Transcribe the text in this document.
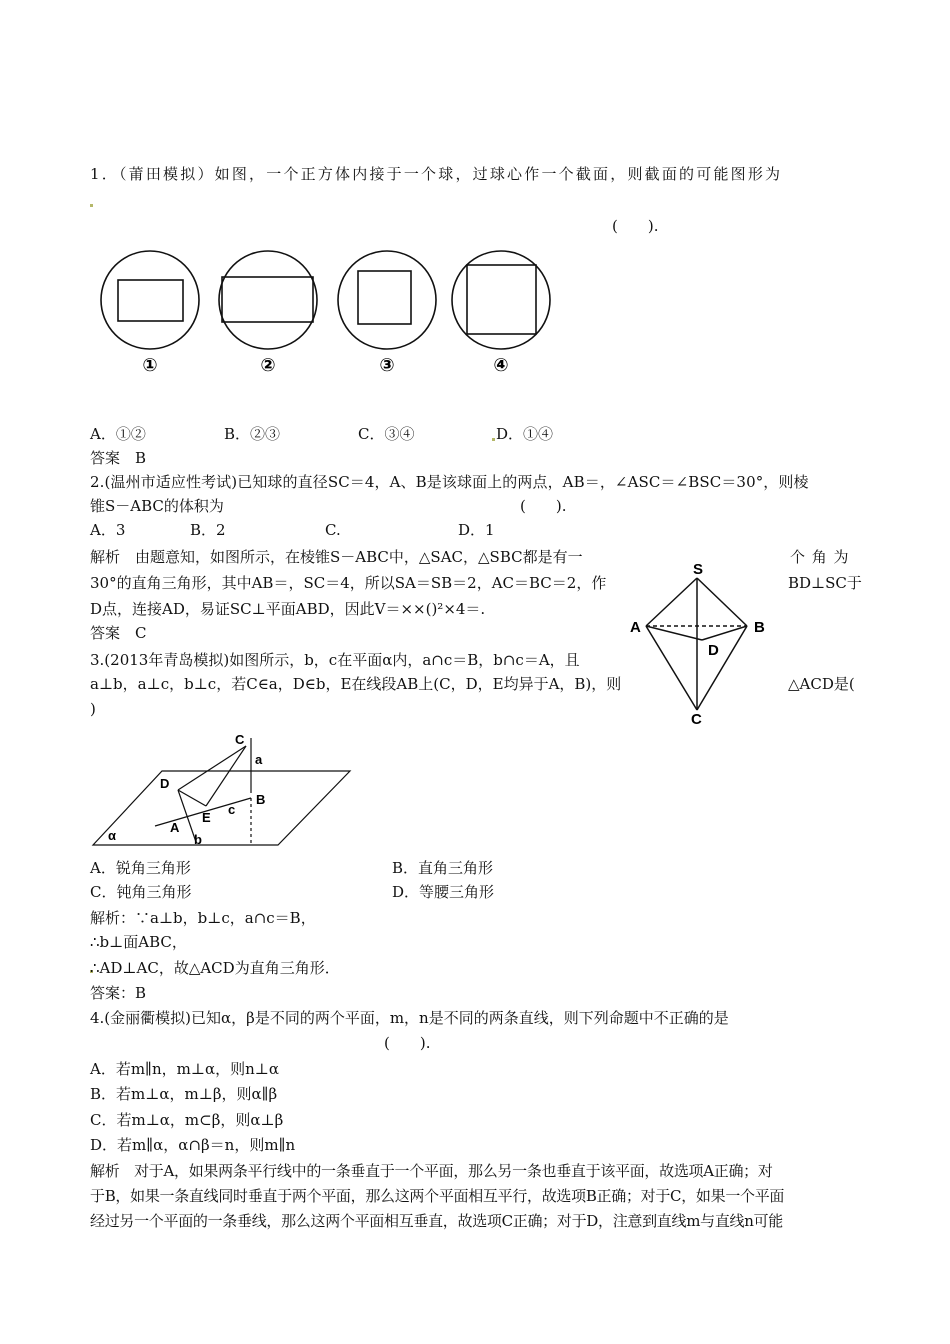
1．（莆田模拟）如图，一个正方体内接于一个球，过球心作一个截面，则截面的可能图形为
(　　).
①	②	③	④
A．①②	B．②③	C．③④	D．①④
答案　B
2.(温州市适应性考试)已知球的直径SC＝4，A、B是该球面上的两点，AB＝，∠ASC＝∠BSC＝30°，则棱
锥S－ABC的体积为	(　　).
A．3	B．2	C.	D．1
解析　由题意知，如图所示，在棱锥S－ABC中，△SAC，△SBC都是有一	个 角 为
30°的直角三角形，其中AB＝，SC＝4，所以SA＝SB＝2，AC＝BC＝2，作	BD⊥SC于
D点，连接AD，易证SC⊥平面ABD，因此V＝××()²×4＝.
答案　C
S
A	B
D
C
3.(2013年青岛模拟)如图所示，b，c在平面α内，a∩c＝B，b∩c＝A，且
a⊥b，a⊥c，b⊥c，若C∈a，D∈b，E在线段AB上(C，D，E均异于A，B)，则	△ACD是(
)
C
a
D
B
c
E
A
b
α
A．锐角三角形	B．直角三角形
C．钝角三角形	D．等腰三角形
解析：∵a⊥b，b⊥c，a∩c＝B，
∴b⊥面ABC，
∴AD⊥AC，故△ACD为直角三角形．
答案：B
4.(金丽衢模拟)已知α，β是不同的两个平面，m，n是不同的两条直线，则下列命题中不正确的是
(　　).
A．若m∥n，m⊥α，则n⊥α
B．若m⊥α，m⊥β，则α∥β
C．若m⊥α，m⊂β，则α⊥β
D．若m∥α，α∩β＝n，则m∥n
解析　对于A，如果两条平行线中的一条垂直于一个平面，那么另一条也垂直于该平面，故选项A正确；对
于B，如果一条直线同时垂直于两个平面，那么这两个平面相互平行，故选项B正确；对于C，如果一个平面
经过另一个平面的一条垂线，那么这两个平面相互垂直，故选项C正确；对于D，注意到直线m与直线n可能
